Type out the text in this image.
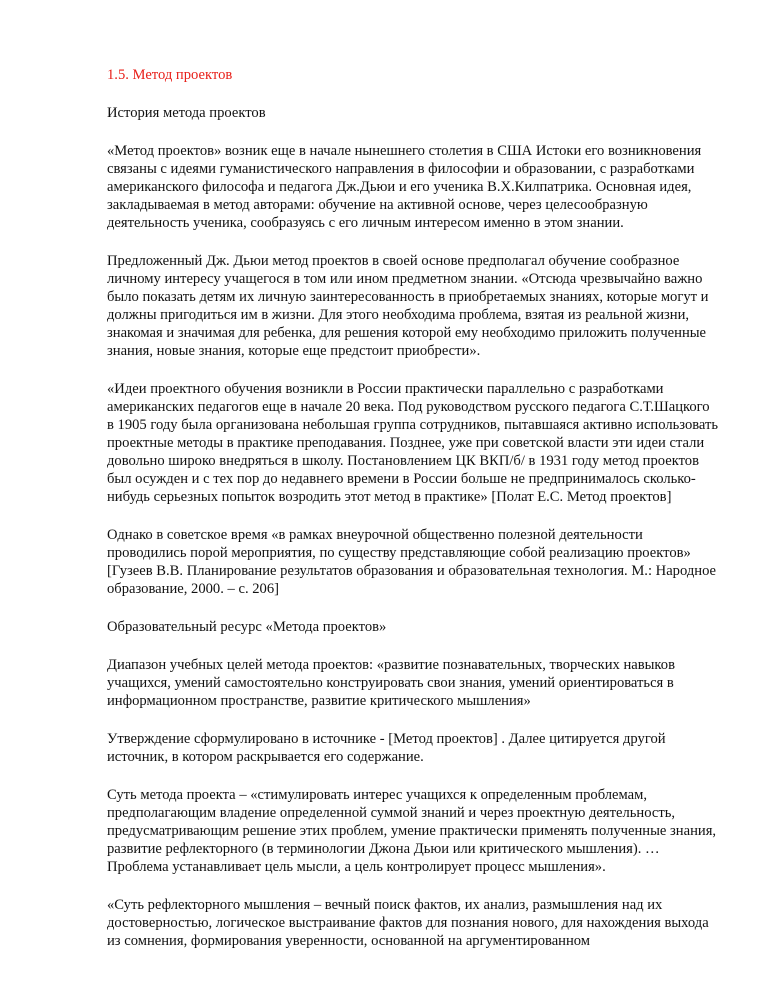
1.5. Метод проектов
История метода проектов
«Метод проектов» возник еще в начале нынешнего столетия в США Истоки его возникновения связаны с идеями гуманистического направления в философии и образовании, с разработками американского философа и педагога Дж.Дьюи и его ученика В.Х.Килпатрика. Основная идея, закладываемая в метод авторами: обучение на активной основе, через целесообразную деятельность ученика, сообразуясь с его личным интересом именно в этом знании.
Предложенный Дж. Дьюи метод проектов в своей основе предполагал обучение сообразное личному интересу учащегося в том или ином предметном знании. «Отсюда чрезвычайно важно было показать детям их личную заинтересованность в приобретаемых знаниях, которые могут и должны пригодиться им в жизни. Для этого необходима проблема, взятая из реальной жизни, знакомая и значимая для ребенка, для решения которой ему необходимо приложить полученные знания, новые знания, которые еще предстоит приобрести».
«Идеи проектного обучения возникли в России практически параллельно с разработками американских педагогов еще в начале 20 века. Под руководством русского педагога С.Т.Шацкого в 1905 году была организована небольшая группа сотрудников, пытавшаяся активно использовать проектные методы в практике преподавания. Позднее, уже при советской власти эти идеи стали довольно широко внедряться в школу. Постановлением ЦК ВКП/б/ в 1931 году метод проектов был осужден и с тех пор до недавнего времени в России больше не предпринималось сколько-нибудь серьезных попыток возродить этот метод в практике» [Полат Е.С. Метод проектов]
Однако в советское время «в рамках внеурочной общественно полезной деятельности проводились порой мероприятия, по существу представляющие собой реализацию проектов» [Гузеев В.В. Планирование результатов образования и образовательная технология. М.: Народное образование, 2000. – с. 206]
Образовательный ресурс «Метода проектов»
Диапазон учебных целей метода проектов: «развитие познавательных, творческих навыков учащихся, умений самостоятельно конструировать свои знания, умений ориентироваться в информационном пространстве, развитие критического мышления»
Утверждение сформулировано в источнике - [Метод проектов] . Далее цитируется другой источник, в котором раскрывается его содержание.
Суть метода проекта – «стимулировать интерес учащихся к определенным проблемам, предполагающим владение определенной суммой знаний и через проектную деятельность, предусматривающим решение этих проблем, умение практически применять полученные знания, развитие рефлекторного (в терминологии Джона Дьюи или критического мышления). … Проблема устанавливает цель мысли, а цель контролирует процесс мышления».
«Суть рефлекторного мышления – вечный поиск фактов, их анализ, размышления над их достоверностью, логическое выстраивание фактов для познания нового, для нахождения выхода из сомнения, формирования уверенности, основанной на аргументированном
